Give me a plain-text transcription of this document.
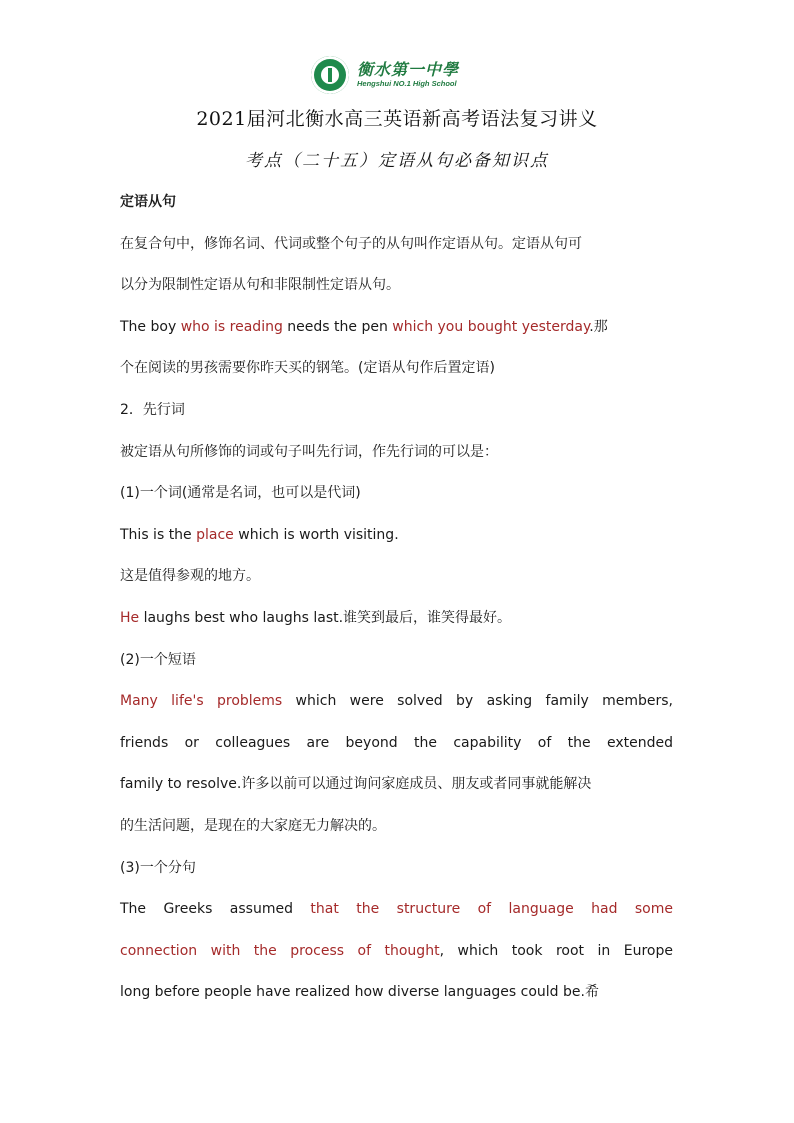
衡水第一中學
Hengshui NO.1 High School
2021届河北衡水高三英语新高考语法复习讲义
考点（二十五）定语从句必备知识点
定语从句
在复合句中，修饰名词、代词或整个句子的从句叫作定语从句。定语从句可
以分为限制性定语从句和非限制性定语从句。
The boy who is reading needs the pen which you bought yesterday.那
个在阅读的男孩需要你昨天买的钢笔。(定语从句作后置定语)
2．先行词
被定语从句所修饰的词或句子叫先行词，作先行词的可以是：
(1)一个词(通常是名词，也可以是代词)
This is the place which is worth visiting.
这是值得参观的地方。
He laughs best who laughs last.谁笑到最后，谁笑得最好。
(2)一个短语
Many life's problems which were solved by asking family members,
friends or colleagues are beyond the capability of the extended
family to resolve.许多以前可以通过询问家庭成员、朋友或者同事就能解决
的生活问题，是现在的大家庭无力解决的。
(3)一个分句
The Greeks assumed that the structure of language had some
connection with the process of thought, which took root in Europe
long before people have realized how diverse languages could be.希
